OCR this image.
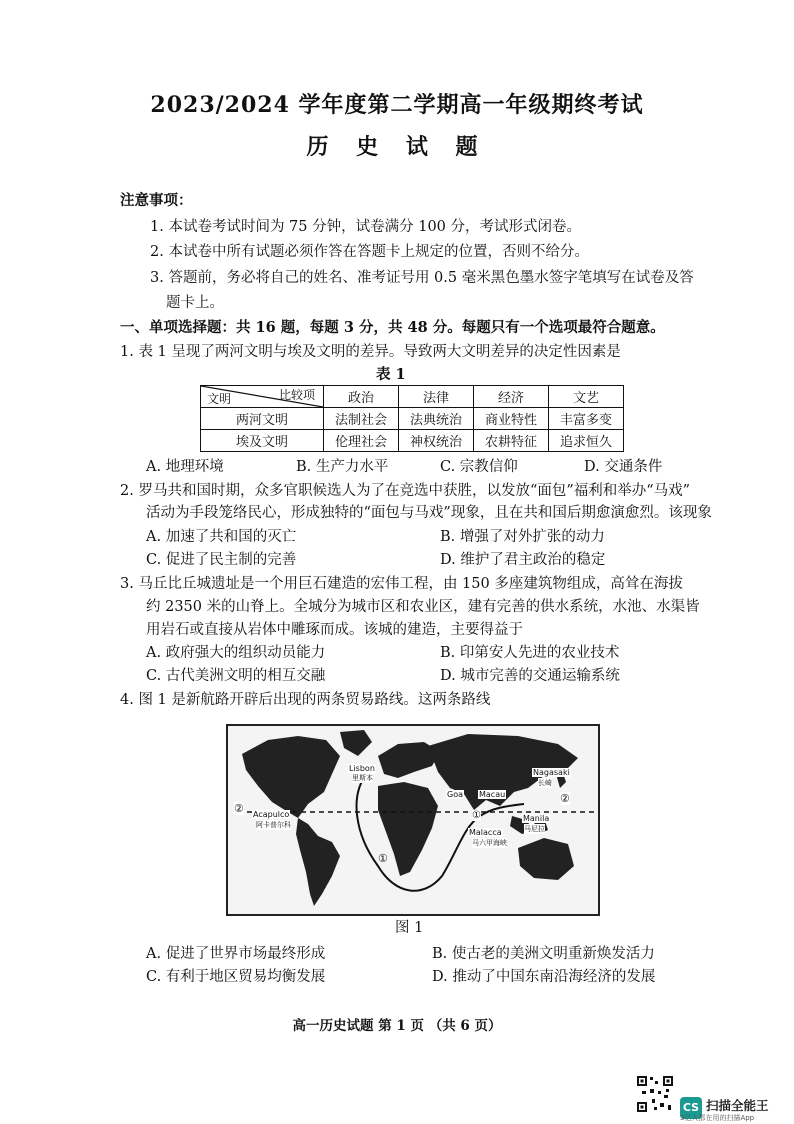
2023/2024 学年度第二学期高一年级期终考试
历 史 试 题
注意事项：
1. 本试卷考试时间为 75 分钟，试卷满分 100 分，考试形式闭卷。
2. 本试卷中所有试题必须作答在答题卡上规定的位置，否则不给分。
3. 答题前，务必将自己的姓名、准考证号用 0.5 毫米黑色墨水签字笔填写在试卷及答
题卡上。
一、单项选择题：共 16 题，每题 3 分，共 48 分。每题只有一个选项最符合题意。
1. 表 1 呈现了两河文明与埃及文明的差异。导致两大文明差异的决定性因素是
表 1
比较项
文明	政治	法律	经济	文艺
两河文明	法制社会	法典统治	商业特性	丰富多变
埃及文明	伦理社会	神权统治	农耕特征	追求恒久
A. 地理环境	B. 生产力水平	C. 宗教信仰	D. 交通条件
2. 罗马共和国时期，众多官职候选人为了在竞选中获胜，以发放“面包”福利和举办“马戏”
活动为手段笼络民心，形成独特的“面包与马戏”现象，且在共和国后期愈演愈烈。该现象
A. 加速了共和国的灭亡	B. 增强了对外扩张的动力
C. 促进了民主制的完善	D. 维护了君主政治的稳定
3. 马丘比丘城遗址是一个用巨石建造的宏伟工程，由 150 多座建筑物组成，高耸在海拔
约 2350 米的山脊上。全城分为城市区和农业区，建有完善的供水系统，水池、水渠皆
用岩石或直接从岩体中雕琢而成。该城的建造，主要得益于
A. 政府强大的组织动员能力	B. 印第安人先进的农业技术
C. 古代美洲文明的相互交融	D. 城市完善的交通运输系统
4. 图 1 是新航路开辟后出现的两条贸易路线。这两条路线
Lisbon
里斯本
Acapulco
阿卡普尔科
Goa Macau
Nagasaki
长崎
Manila
马尼拉
Malacca
马六甲海峡
②
②
①
①
图 1
A. 促进了世界市场最终形成	B. 使古老的美洲文明重新焕发活力
C. 有利于地区贸易均衡发展	D. 推动了中国东南沿海经济的发展
高一历史试题 第 1 页 （共 6 页）
CS 扫描全能王
3亿人都在用的扫描App
